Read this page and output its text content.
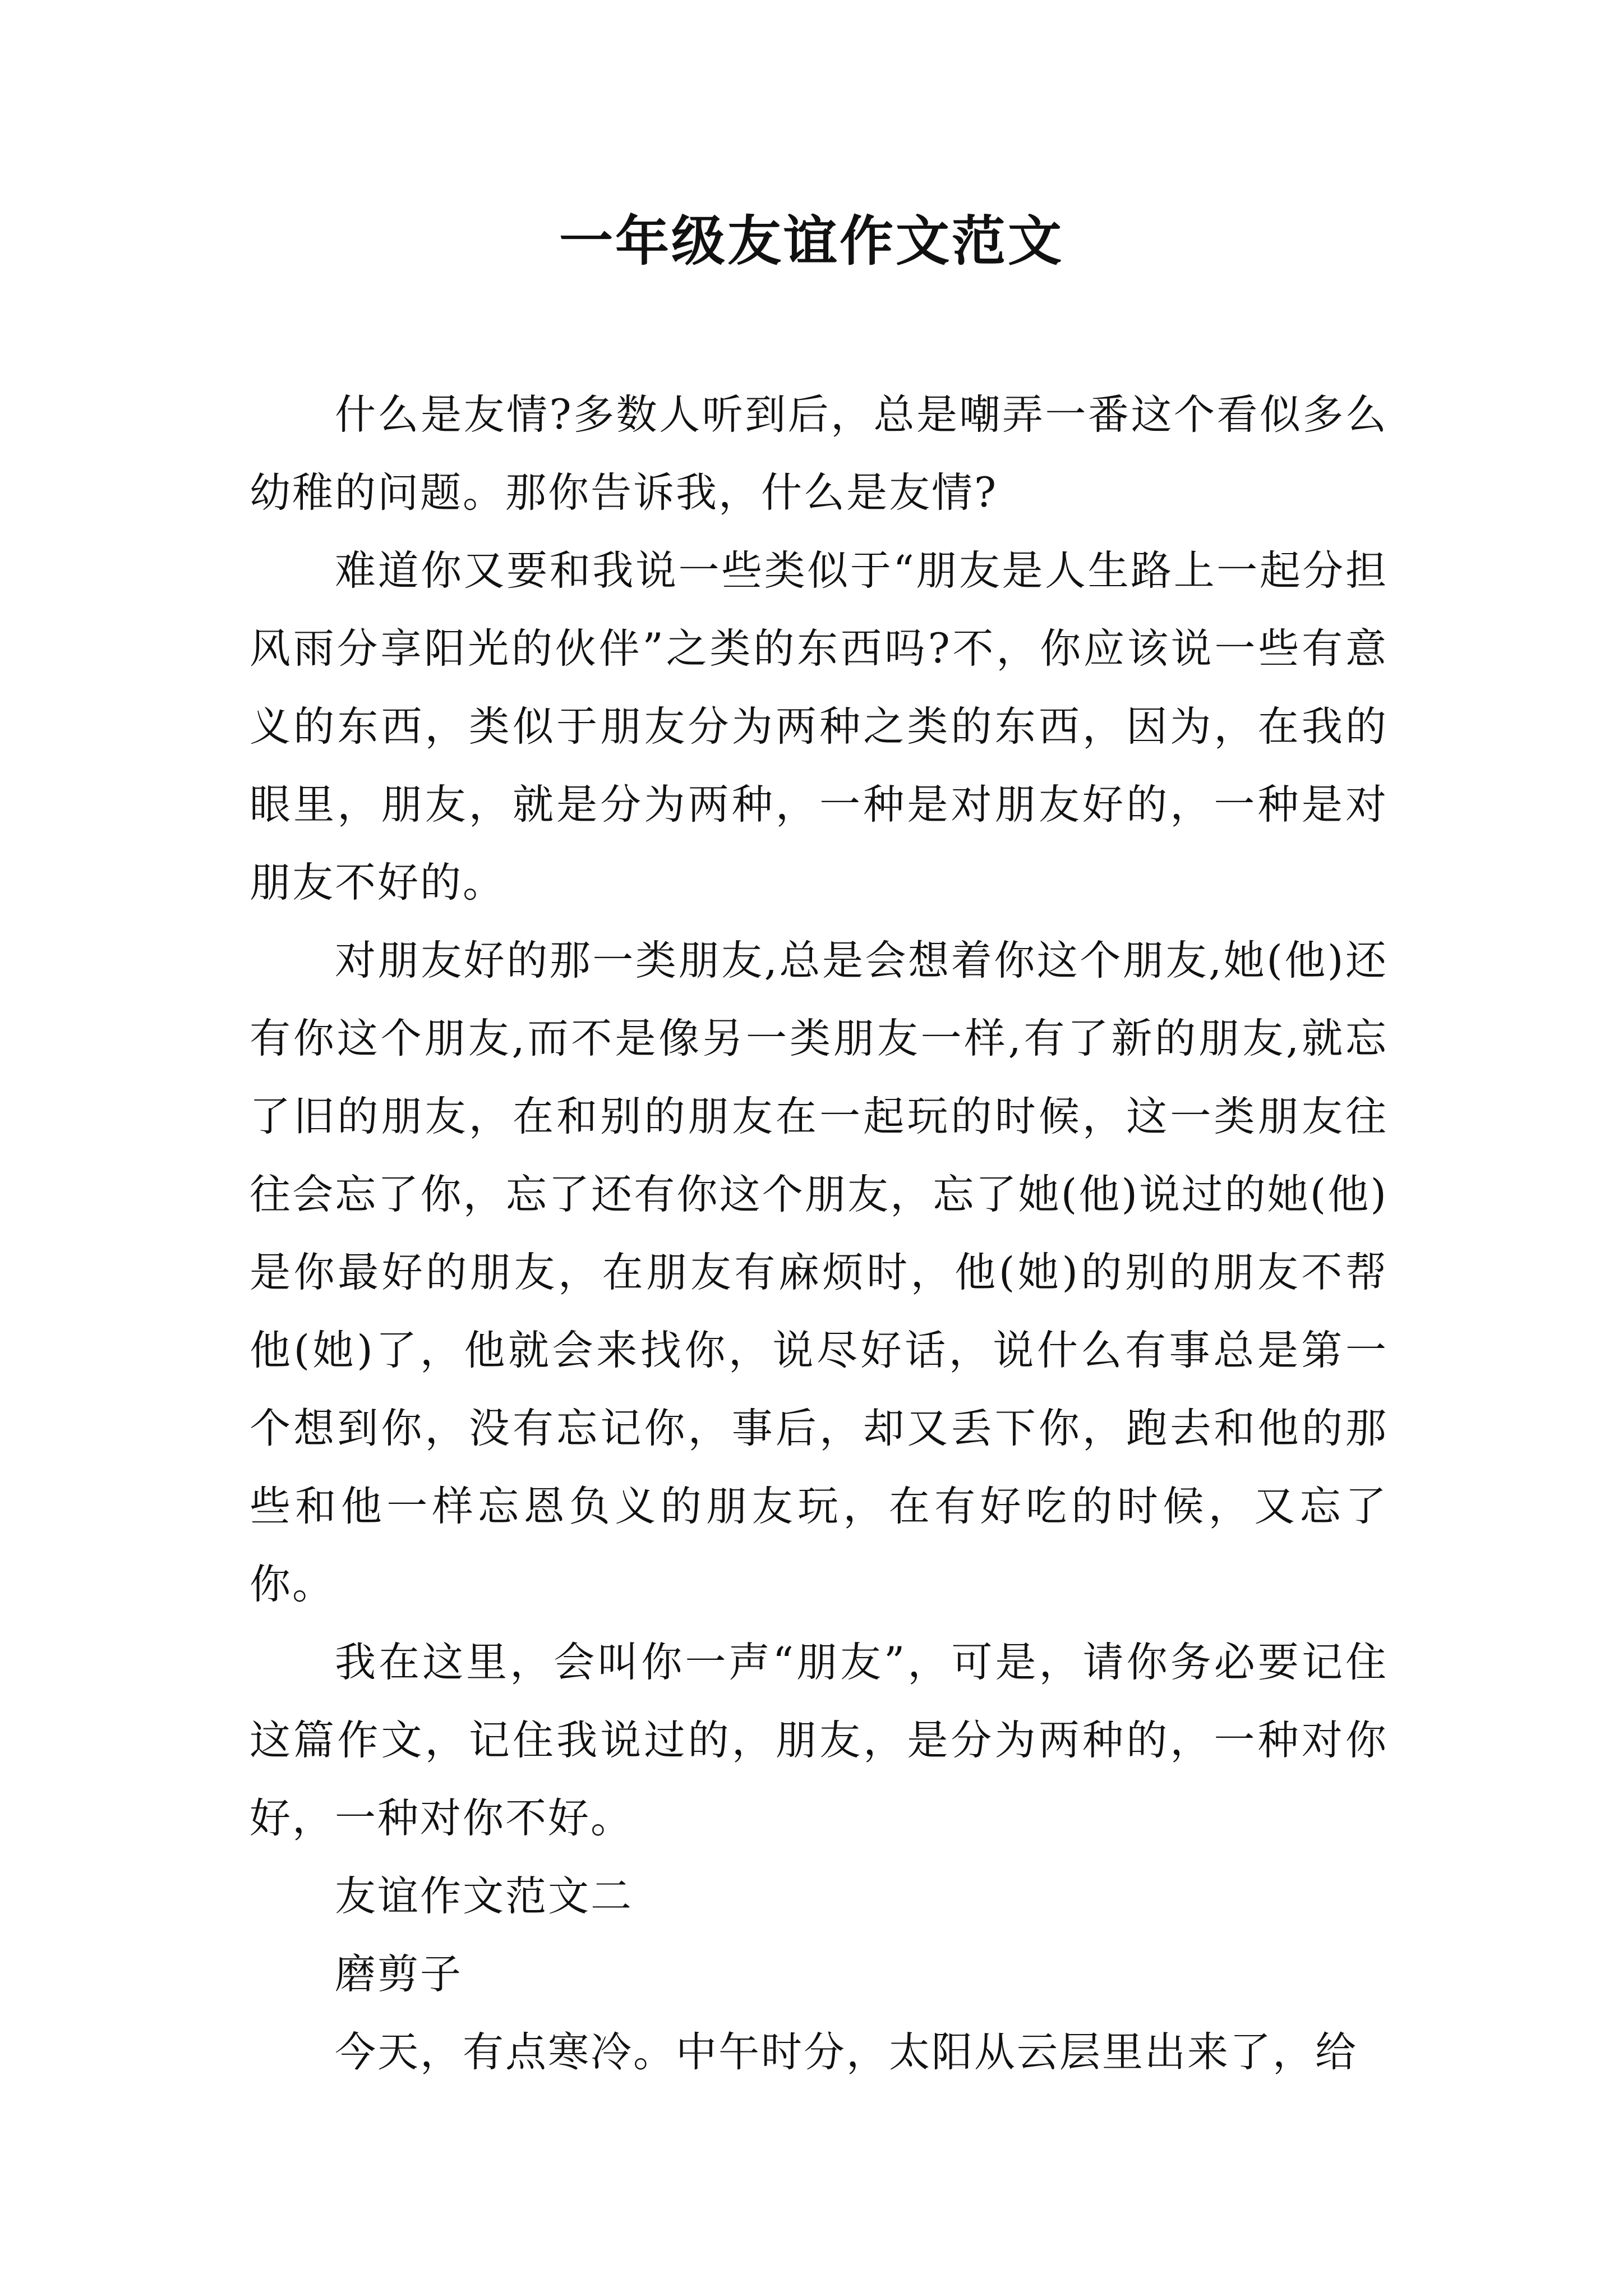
一年级友谊作文范文

什么是友情?多数人听到后，总是嘲弄一番这个看似多么幼稚的问题。那你告诉我，什么是友情?

难道你又要和我说一些类似于“朋友是人生路上一起分担风雨分享阳光的伙伴”之类的东西吗?不，你应该说一些有意义的东西，类似于朋友分为两种之类的东西，因为，在我的眼里，朋友，就是分为两种，一种是对朋友好的，一种是对朋友不好的。

对朋友好的那一类朋友,总是会想着你这个朋友,她(他)还有你这个朋友,而不是像另一类朋友一样,有了新的朋友,就忘了旧的朋友，在和别的朋友在一起玩的时候，这一类朋友往往会忘了你，忘了还有你这个朋友，忘了她(他)说过的她(他)是你最好的朋友，在朋友有麻烦时，他(她)的别的朋友不帮他(她)了，他就会来找你，说尽好话，说什么有事总是第一个想到你，没有忘记你，事后，却又丢下你，跑去和他的那些和他一样忘恩负义的朋友玩，在有好吃的时候，又忘了你。

我在这里，会叫你一声“朋友”，可是，请你务必要记住这篇作文，记住我说过的，朋友，是分为两种的，一种对你好，一种对你不好。

友谊作文范文二

磨剪子

今天，有点寒冷。中午时分，太阳从云层里出来了，给
